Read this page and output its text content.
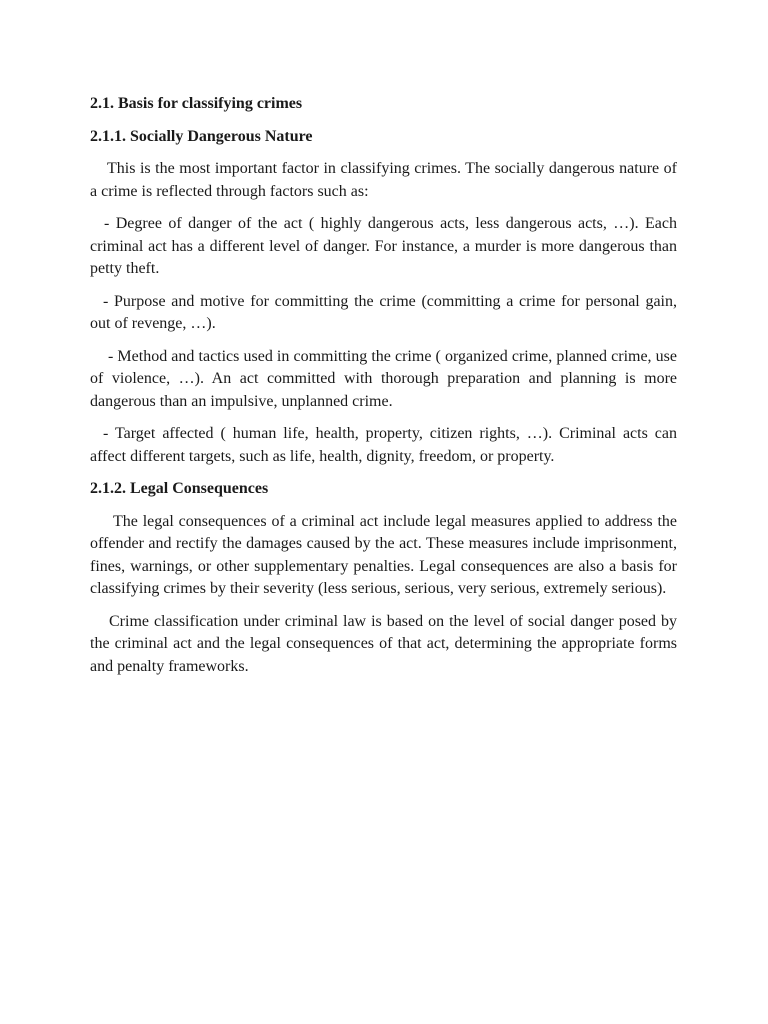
2.1. Basis for classifying crimes

2.1.1. Socially Dangerous Nature

This is the most important factor in classifying crimes. The socially dangerous nature of a crime is reflected through factors such as:

- Degree of danger of the act ( highly dangerous acts, less dangerous acts, …). Each criminal act has a different level of danger. For instance, a murder is more dangerous than petty theft.

- Purpose and motive for committing the crime (committing a crime for personal gain, out of revenge, …).

- Method and tactics used in committing the crime ( organized crime, planned crime, use of violence, …). An act committed with thorough preparation and planning is more dangerous than an impulsive, unplanned crime.

- Target affected ( human life, health, property, citizen rights, …). Criminal acts can affect different targets, such as life, health, dignity, freedom, or property.

2.1.2. Legal Consequences

The legal consequences of a criminal act include legal measures applied to address the offender and rectify the damages caused by the act. These measures include imprisonment, fines, warnings, or other supplementary penalties. Legal consequences are also a basis for classifying crimes by their severity (less serious, serious, very serious, extremely serious).

Crime classification under criminal law is based on the level of social danger posed by the criminal act and the legal consequences of that act, determining the appropriate forms and penalty frameworks.
